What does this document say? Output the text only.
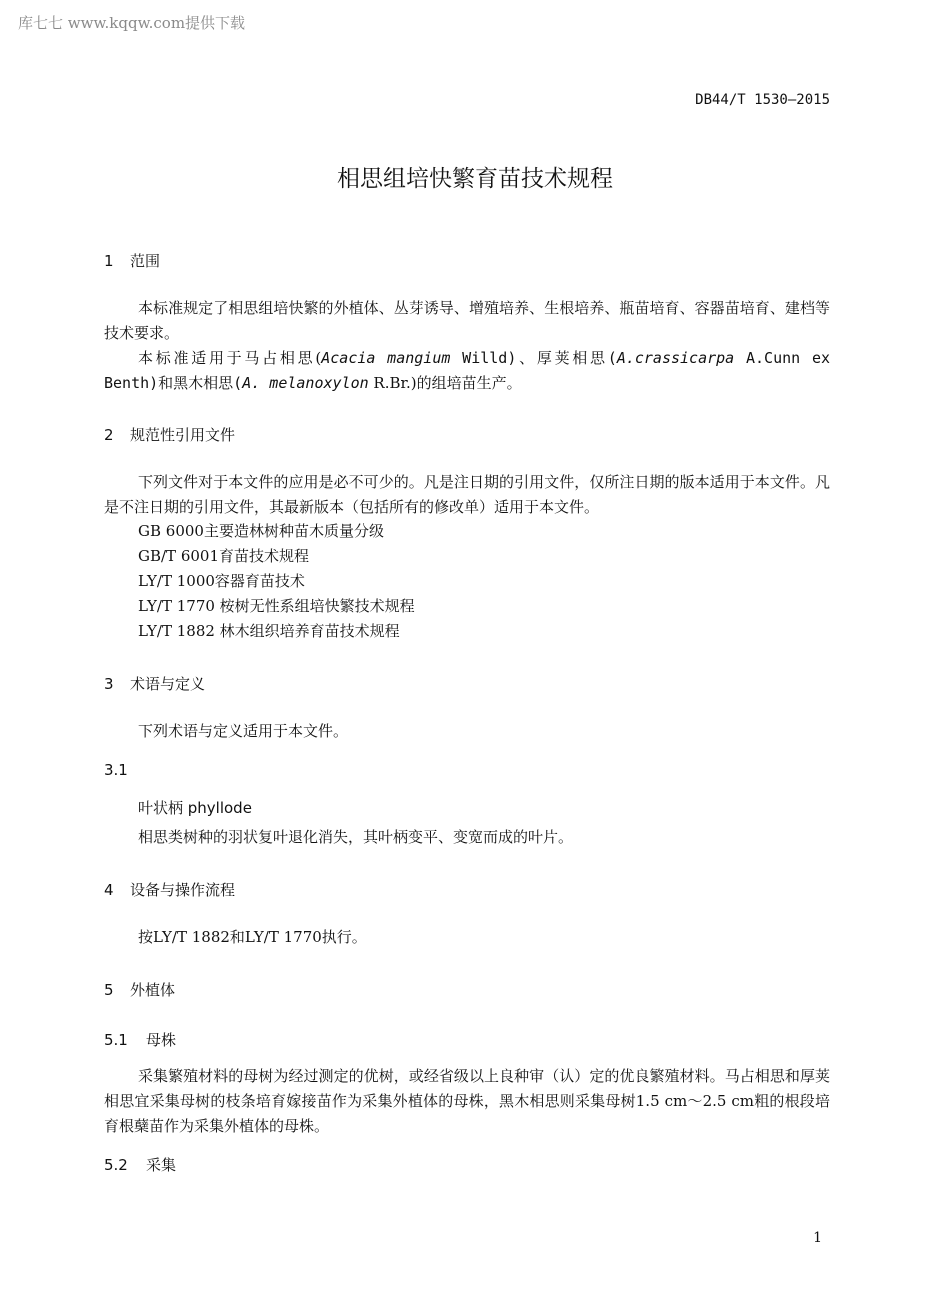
库七七 www.kqqw.com提供下载
DB44/T 1530—2015
相思组培快繁育苗技术规程
1 范围
本标准规定了相思组培快繁的外植体、丛芽诱导、增殖培养、生根培养、瓶苗培育、容器苗培育、建档等技术要求。
本标准适用于马占相思(Acacia mangium Willd)、厚荚相思(A.crassicarpa A.Cunn ex Benth)和黑木相思(A. melanoxylon R.Br.)的组培苗生产。
2 规范性引用文件
下列文件对于本文件的应用是必不可少的。凡是注日期的引用文件，仅所注日期的版本适用于本文件。凡是不注日期的引用文件，其最新版本（包括所有的修改单）适用于本文件。
GB 6000主要造林树种苗木质量分级
GB/T 6001育苗技术规程
LY/T 1000容器育苗技术
LY/T 1770 桉树无性系组培快繁技术规程
LY/T 1882 林木组织培养育苗技术规程
3 术语与定义
下列术语与定义适用于本文件。
3.1
叶状柄 phyllode
相思类树种的羽状复叶退化消失，其叶柄变平、变宽而成的叶片。
4 设备与操作流程
按LY/T 1882和LY/T 1770执行。
5 外植体
5.1 母株
采集繁殖材料的母树为经过测定的优树，或经省级以上良种审（认）定的优良繁殖材料。马占相思和厚荚相思宜采集母树的枝条培育嫁接苗作为采集外植体的母株，黑木相思则采集母树1.5 cm～2.5 cm粗的根段培育根蘖苗作为采集外植体的母株。
5.2 采集
1
